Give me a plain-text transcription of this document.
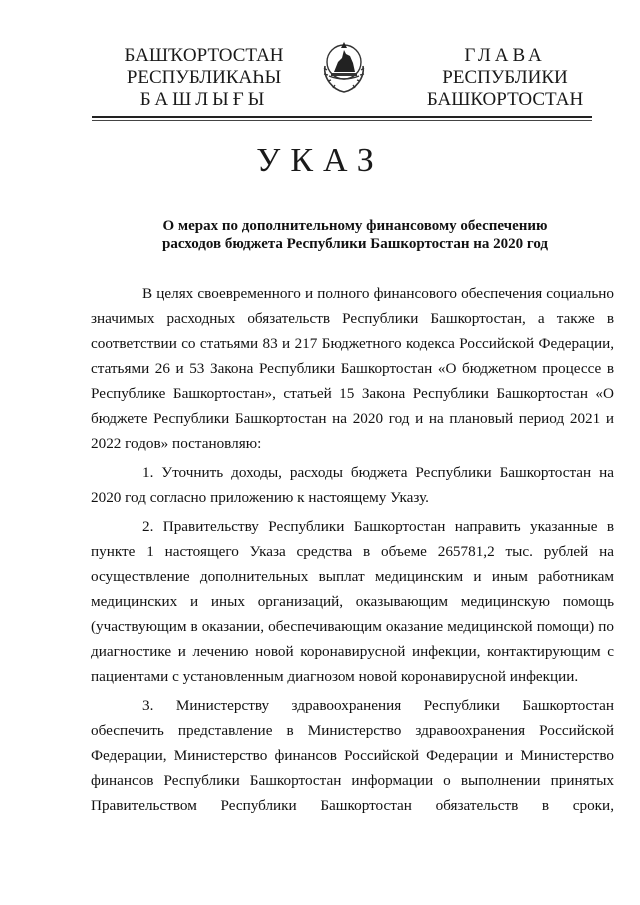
БАШҠОРТОСТАН
РЕСПУБЛИКАҺЫ
БАШЛЫҒЫ
ГЛАВА
РЕСПУБЛИКИ
БАШКОРТОСТАН
УКАЗ
О мерах по дополнительному финансовому обеспечению
расходов бюджета Республики Башкортостан на 2020 год

В целях своевременного и полного финансового обеспечения социально значимых расходных обязательств Республики Башкортостан, а также в соответствии со статьями 83 и 217 Бюджетного кодекса Российской Федерации, статьями 26 и 53 Закона Республики Башкортостан «О бюджетном процессе в Республике Башкортостан», статьей 15 Закона Республики Башкортостан «О бюджете Республики Башкортостан на 2020 год и на плановый период 2021 и 2022 годов» постановляю:

1. Уточнить доходы, расходы бюджета Республики Башкортостан на 2020 год согласно приложению к настоящему Указу.

2. Правительству Республики Башкортостан направить указанные в пункте 1 настоящего Указа средства в объеме 265781,2 тыс. рублей на осуществление дополнительных выплат медицинским и иным работникам медицинских и иных организаций, оказывающим медицинскую помощь (участвующим в оказании, обеспечивающим оказание медицинской помощи) по диагностике и лечению новой коронавирусной инфекции, контактирующим с пациентами с установленным диагнозом новой коронавирусной инфекции.

3. Министерству здравоохранения Республики Башкортостан обеспечить представление в Министерство здравоохранения Российской Федерации, Министерство финансов Российской Федерации и Министерство финансов Республики Башкортостан информации о выполнении принятых Правительством Республики Башкортостан обязательств в сроки,
